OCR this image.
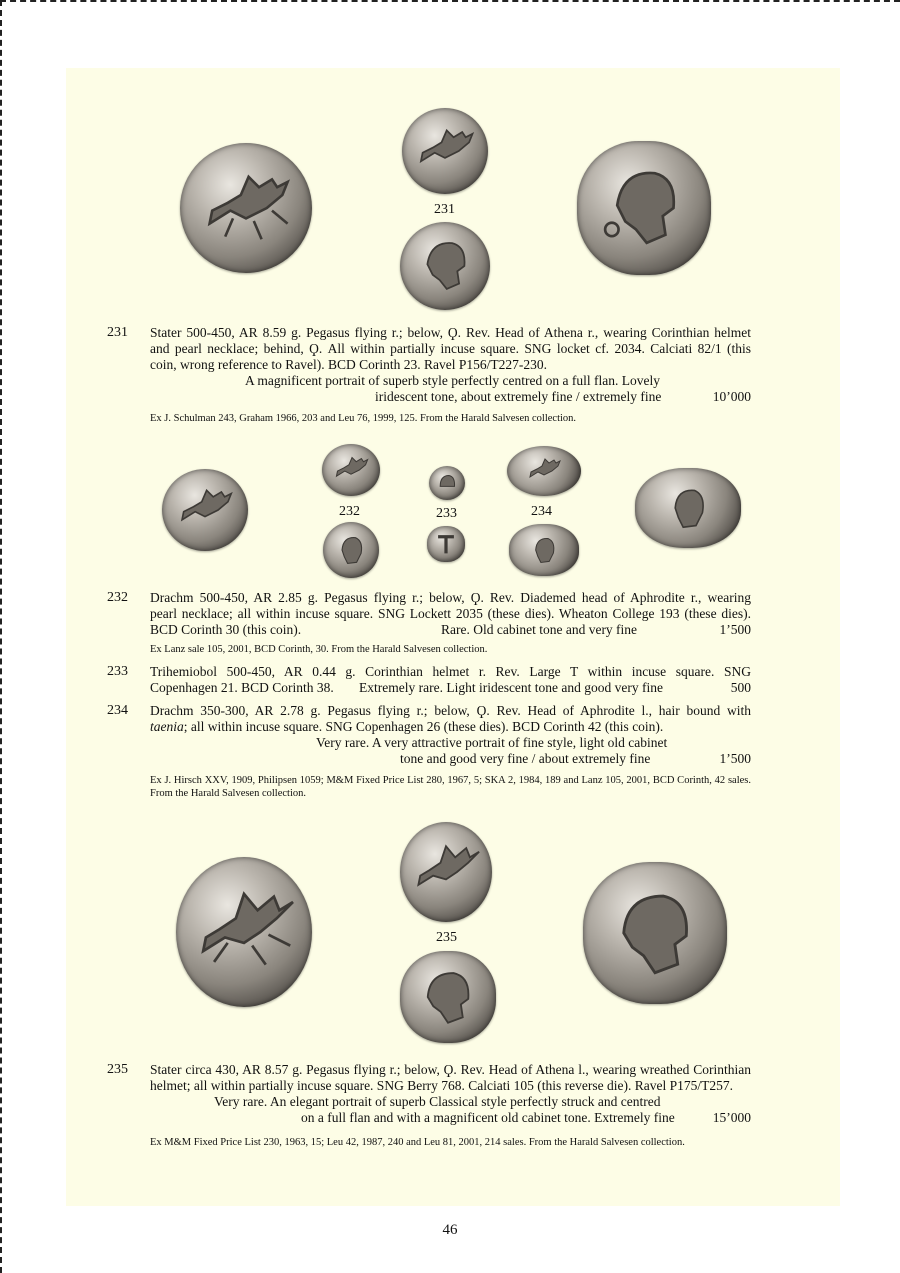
231
231 Stater 500-450, AR 8.59 g. Pegasus flying r.; below, Ϙ. Rev. Head of Athena r., wearing Corinthian helmet
and pearl necklace; behind, Ϙ. All within partially incuse square. SNG locket cf. 2034. Calciati 82/1 (this
coin, wrong reference to Ravel). BCD Corinth 23. Ravel P156/T227-230.
A magnificent portrait of superb style perfectly centred on a full flan. Lovely
iridescent tone, about extremely fine / extremely fine	10’000
Ex J. Schulman 243, Graham 1966, 203 and Leu 76, 1999, 125. From the Harald Salvesen collection.
232	233	234
232 Drachm 500-450, AR 2.85 g. Pegasus flying r.; below, Ϙ. Rev. Diademed head of Aphrodite r., wearing
pearl necklace; all within incuse square. SNG Lockett 2035 (these dies). Wheaton College 193 (these dies).
BCD Corinth 30 (this coin).	Rare. Old cabinet tone and very fine	1’500
Ex Lanz sale 105, 2001, BCD Corinth, 30. From the Harald Salvesen collection.
233 Trihemiobol 500-450, AR 0.44 g. Corinthian helmet r. Rev. Large T within incuse square. SNG
Copenhagen 21. BCD Corinth 38.	Extremely rare. Light iridescent tone and good very fine	500
234 Drachm 350-300, AR 2.78 g. Pegasus flying r.; below, Ϙ. Rev. Head of Aphrodite l., hair bound with
taenia; all within incuse square. SNG Copenhagen 26 (these dies). BCD Corinth 42 (this coin).
Very rare. A very attractive portrait of fine style, light old cabinet
tone and good very fine / about extremely fine	1’500
Ex J. Hirsch XXV, 1909, Philipsen 1059; M&M Fixed Price List 280, 1967, 5; SKA 2, 1984, 189 and Lanz 105, 2001, BCD Corinth, 42 sales. From the Harald Salvesen collection.
235
235 Stater circa 430, AR 8.57 g. Pegasus flying r.; below, Ϙ. Rev. Head of Athena l., wearing wreathed Corinthian
helmet; all within partially incuse square. SNG Berry 768. Calciati 105 (this reverse die). Ravel P175/T257.
Very rare. An elegant portrait of superb Classical style perfectly struck and centred
on a full flan and with a magnificent old cabinet tone. Extremely fine	15’000
Ex M&M Fixed Price List 230, 1963, 15; Leu 42, 1987, 240 and Leu 81, 2001, 214 sales. From the Harald Salvesen collection.
46
